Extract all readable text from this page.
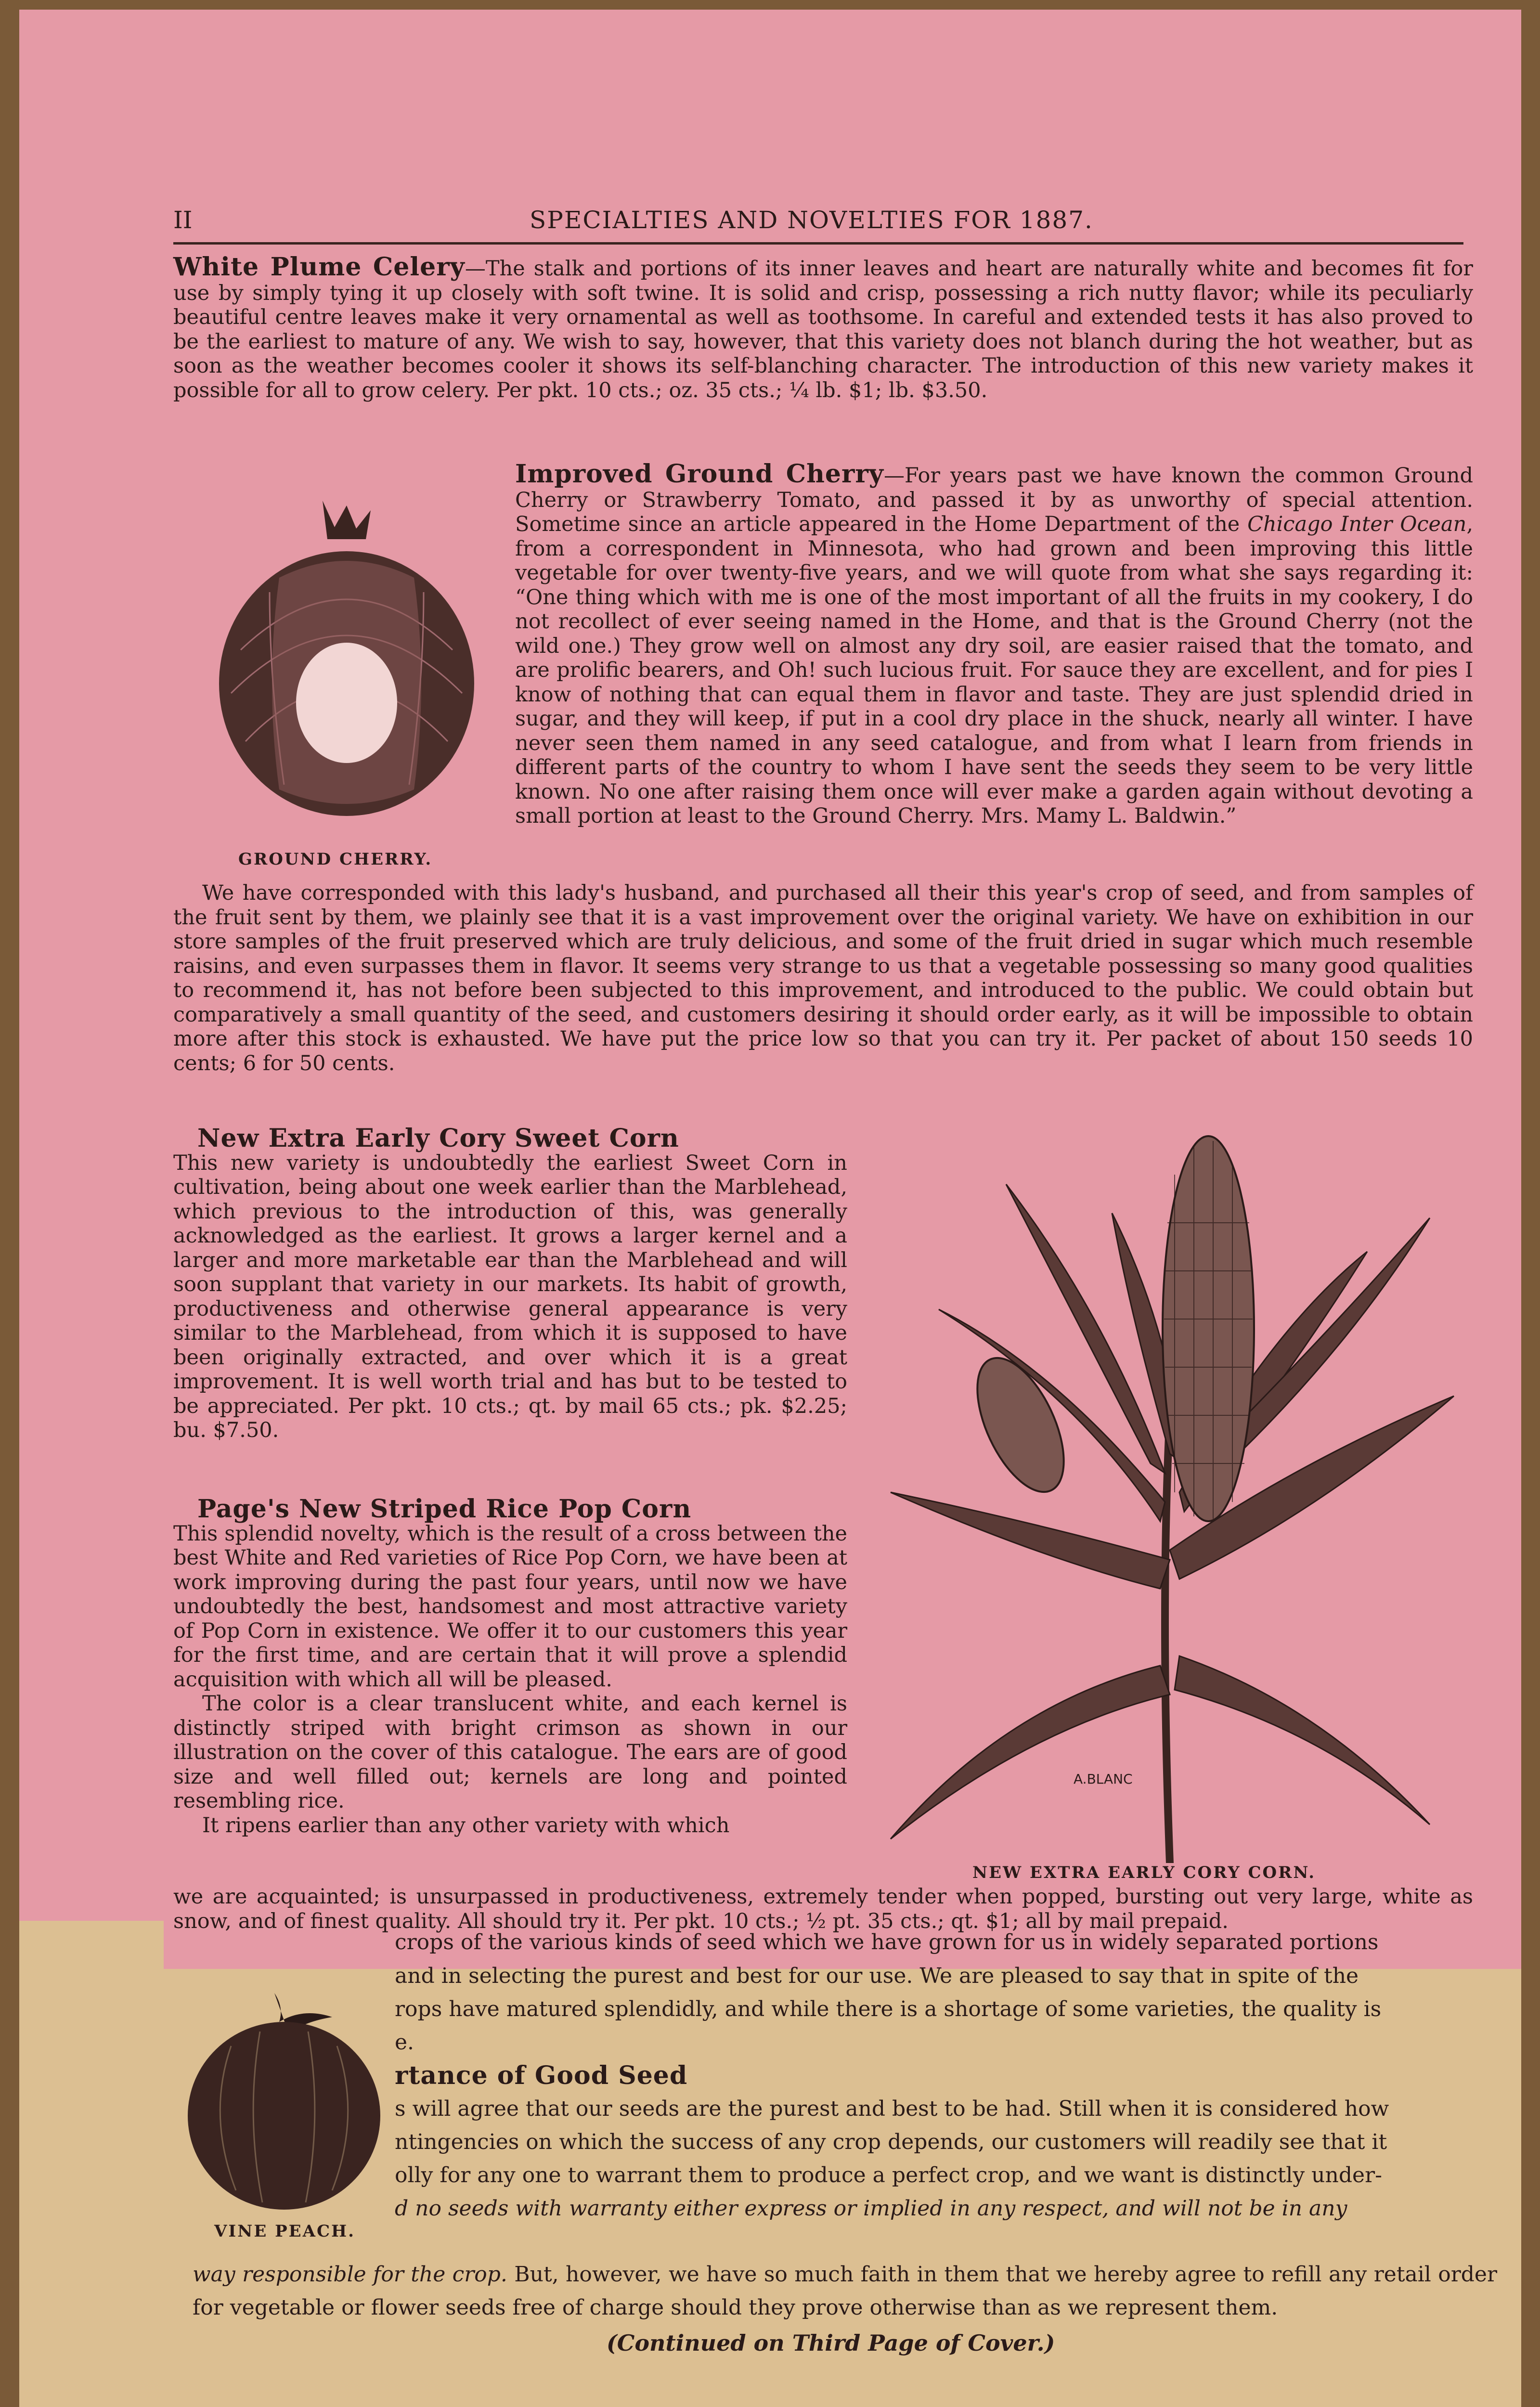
II	SPECIALTIES AND NOVELTIES FOR 1887.
White Plume Celery—The stalk and portions of its inner leaves and heart are naturally white and becomes fit for use by simply tying it up closely with soft twine. It is solid and crisp, possessing a rich nutty flavor; while its peculiarly beautiful centre leaves make it very ornamental as well as toothsome. In careful and extended tests it has also proved to be the earliest to mature of any. We wish to say, however, that this variety does not blanch during the hot weather, but as soon as the weather becomes cooler it shows its self-blanching character. The introduction of this new variety makes it possible for all to grow celery. Per pkt. 10 cts.; oz. 35 cts.; ¼ lb. $1; lb. $3.50.
GROUND CHERRY.
Improved Ground Cherry—For years past we have known the common Ground Cherry or Strawberry Tomato, and passed it by as unworthy of special attention. Sometime since an article appeared in the Home Department of the Chicago Inter Ocean, from a correspondent in Minnesota, who had grown and been improving this little vegetable for over twenty-five years, and we will quote from what she says regarding it: “One thing which with me is one of the most important of all the fruits in my cookery, I do not recollect of ever seeing named in the Home, and that is the Ground Cherry (not the wild one.) They grow well on almost any dry soil, are easier raised that the tomato, and are prolific bearers, and Oh! such lucious fruit. For sauce they are excellent, and for pies I know of nothing that can equal them in flavor and taste. They are just splendid dried in sugar, and they will keep, if put in a cool dry place in the shuck, nearly all winter. I have never seen them named in any seed catalogue, and from what I learn from friends in different parts of the country to whom I have sent the seeds they seem to be very little known. No one after raising them once will ever make a garden again without devoting a small portion at least to the Ground Cherry. Mrs. Mamy L. Baldwin.”
We have corresponded with this lady's husband, and purchased all their this year's crop of seed, and from samples of the fruit sent by them, we plainly see that it is a vast improvement over the original variety. We have on exhibition in our store samples of the fruit preserved which are truly delicious, and some of the fruit dried in sugar which much resemble raisins, and even surpasses them in flavor. It seems very strange to us that a vegetable possessing so many good qualities to recommend it, has not before been subjected to this improvement, and introduced to the public. We could obtain but comparatively a small quantity of the seed, and customers desiring it should order early, as it will be impossible to obtain more after this stock is exhausted. We have put the price low so that you can try it. Per packet of about 150 seeds 10 cents; 6 for 50 cents.
New Extra Early Cory Sweet Corn
This new variety is undoubtedly the earliest Sweet Corn in cultivation, being about one week earlier than the Marblehead, which previous to the introduction of this, was generally acknowledged as the earliest. It grows a larger kernel and a larger and more marketable ear than the Marblehead and will soon supplant that variety in our markets. Its habit of growth, productiveness and otherwise general appearance is very similar to the Marblehead, from which it is supposed to have been originally extracted, and over which it is a great improvement. It is well worth trial and has but to be tested to be appreciated. Per pkt. 10 cts.; qt. by mail 65 cts.; pk. $2.25; bu. $7.50.
A.BLANC
Page's New Striped Rice Pop Corn

This splendid novelty, which is the result of a cross between the best White and Red varieties of Rice Pop Corn, we have been at work improving during the past four years, until now we have undoubtedly the best, handsomest and most attractive variety of Pop Corn in existence. We offer it to our customers this year for the first time, and are certain that it will prove a splendid acquisition with which all will be pleased.

The color is a clear translucent white, and each kernel is distinctly striped with bright crimson as shown in our illustration on the cover of this catalogue. The ears are of good size and well filled out; kernels are long and pointed resembling rice.

It ripens earlier than any other variety with which

NEW EXTRA EARLY CORY CORN.
we are acquainted; is unsurpassed in productiveness, extremely tender when popped, bursting out very large, white as snow, and of finest quality. All should try it. Per pkt. 10 cts.; ½ pt. 35 cts.; qt. $1; all by mail prepaid.
VINE PEACH.
crops of the various kinds of seed which we have grown for us in widely separated portions
and in selecting the purest and best for our use. We are pleased to say that in spite of the
rops have matured splendidly, and while there is a shortage of some varieties, the quality is
e.
rtance of Good Seed
s will agree that our seeds are the purest and best to be had. Still when it is considered how
ntingencies on which the success of any crop depends, our customers will readily see that it
olly for any one to warrant them to produce a perfect crop, and we want is distinctly under-
d no seeds with warranty either express or implied in any respect, and will not be in any
way responsible for the crop. But, however, we have so much faith in them that we hereby agree to refill any retail order for vegetable or flower seeds free of charge should they prove otherwise than as we represent them.
(Continued on Third Page of Cover.)
